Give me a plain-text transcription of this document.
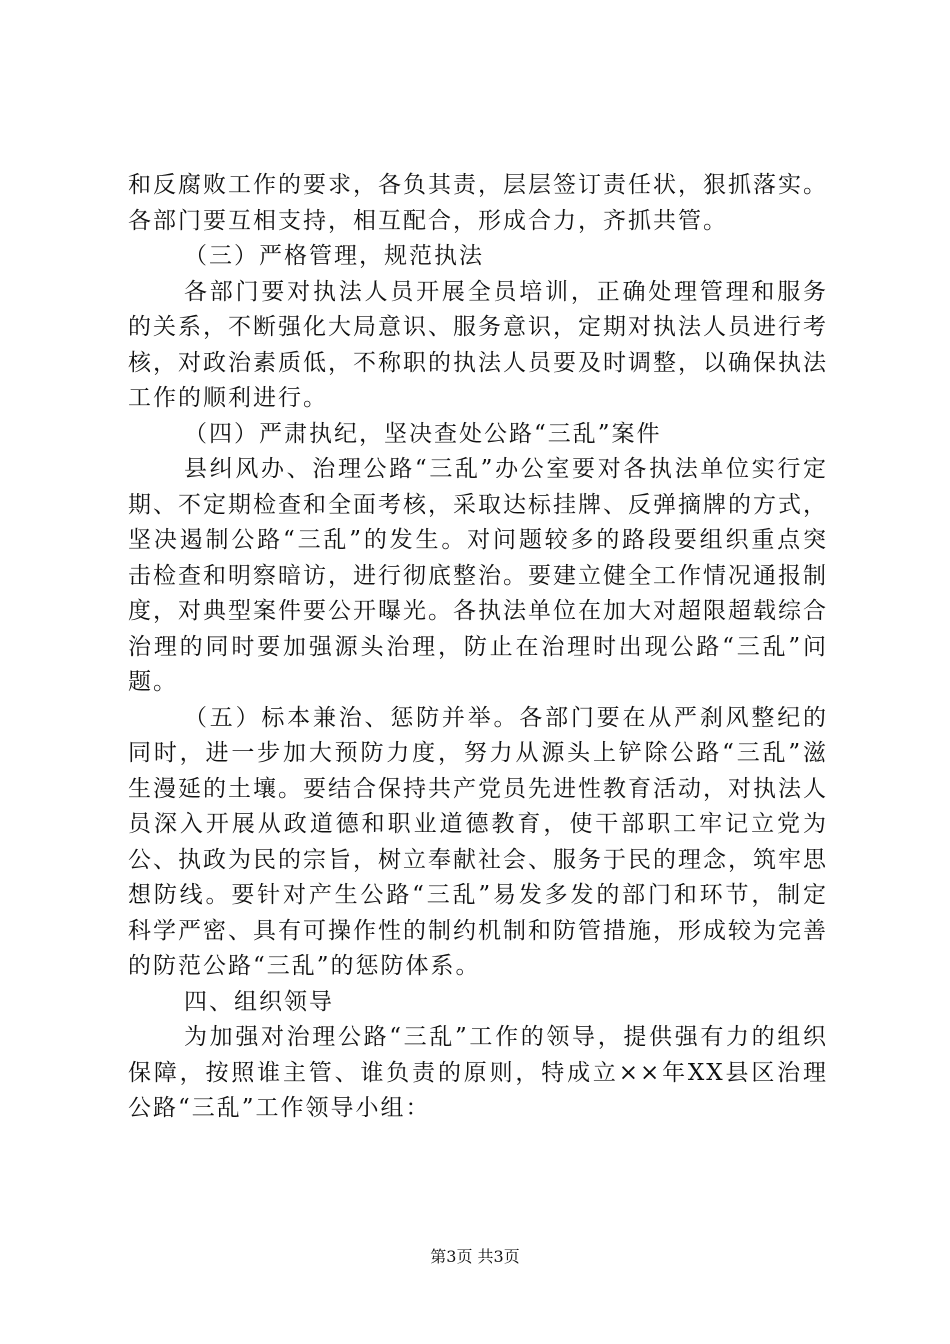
和反腐败工作的要求，各负其责，层层签订责任状，狠抓落实。各部门要互相支持，相互配合，形成合力，齐抓共管。

（三）严格管理，规范执法

各部门要对执法人员开展全员培训，正确处理管理和服务的关系，不断强化大局意识、服务意识，定期对执法人员进行考核，对政治素质低，不称职的执法人员要及时调整，以确保执法工作的顺利进行。

（四）严肃执纪，坚决查处公路“三乱”案件

县纠风办、治理公路“三乱”办公室要对各执法单位实行定期、不定期检查和全面考核，采取达标挂牌、反弹摘牌的方式，坚决遏制公路“三乱”的发生。对问题较多的路段要组织重点突击检查和明察暗访，进行彻底整治。要建立健全工作情况通报制度，对典型案件要公开曝光。各执法单位在加大对超限超载综合治理的同时要加强源头治理，防止在治理时出现公路“三乱”问题。

（五）标本兼治、惩防并举。各部门要在从严刹风整纪的同时，进一步加大预防力度，努力从源头上铲除公路“三乱”滋生漫延的土壤。要结合保持共产党员先进性教育活动，对执法人员深入开展从政道德和职业道德教育，使干部职工牢记立党为公、执政为民的宗旨，树立奉献社会、服务于民的理念，筑牢思想防线。要针对产生公路“三乱”易发多发的部门和环节，制定科学严密、具有可操作性的制约机制和防管措施，形成较为完善的防范公路“三乱”的惩防体系。

四、组织领导

为加强对治理公路“三乱”工作的领导，提供强有力的组织保障，按照谁主管、谁负责的原则，特成立××年XX县区治理公路“三乱”工作领导小组：

第3页 共3页
